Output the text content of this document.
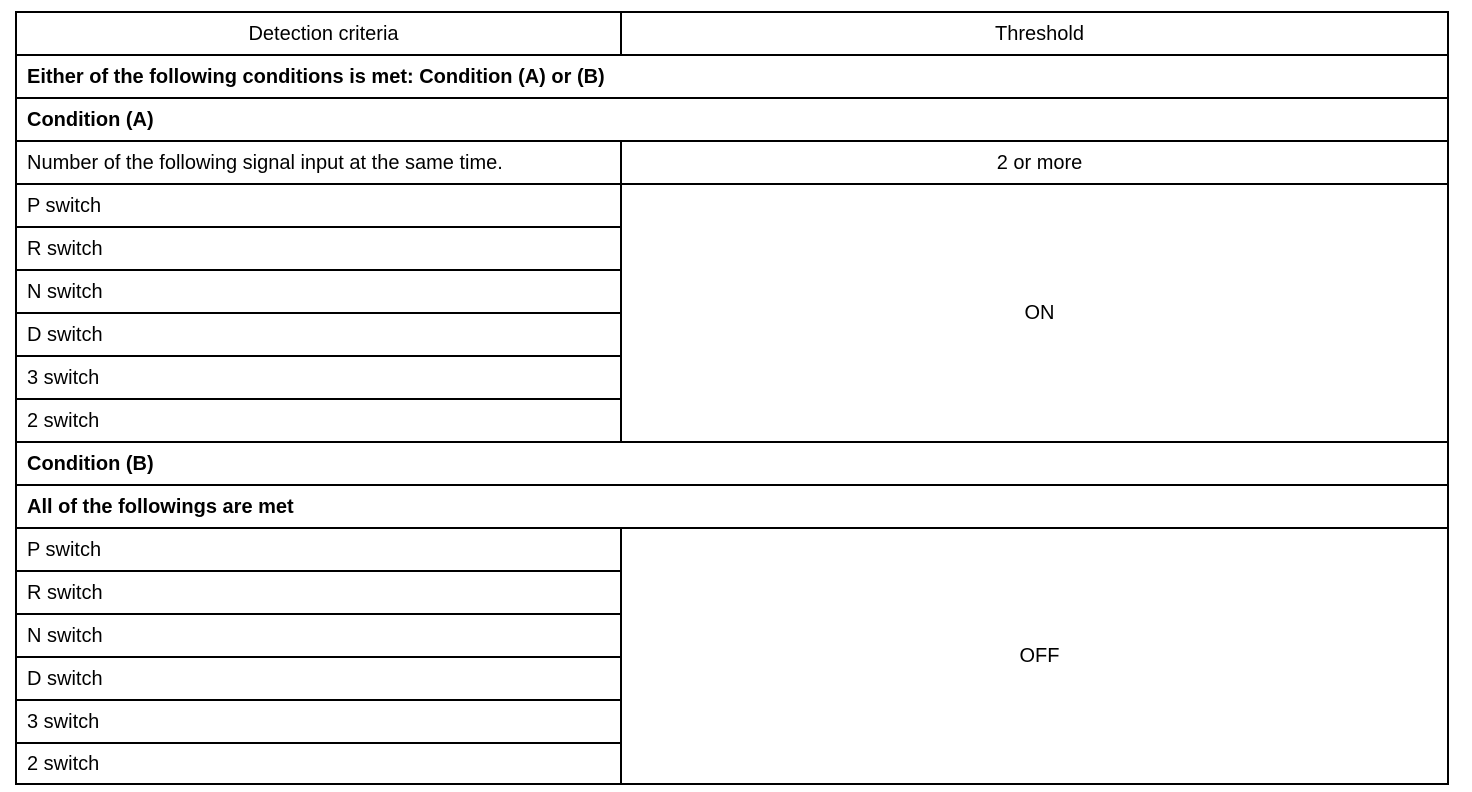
Detection criteria	Threshold
Either of the following conditions is met: Condition (A) or (B)	
Condition (A)	
Number of the following signal input at the same time.	2 or more
P switch	ON
R switch	
N switch	
D switch	
3 switch	
2 switch	
Condition (B)	
All of the followings are met	
P switch	OFF
R switch	
N switch	
D switch	
3 switch	
2 switch	
